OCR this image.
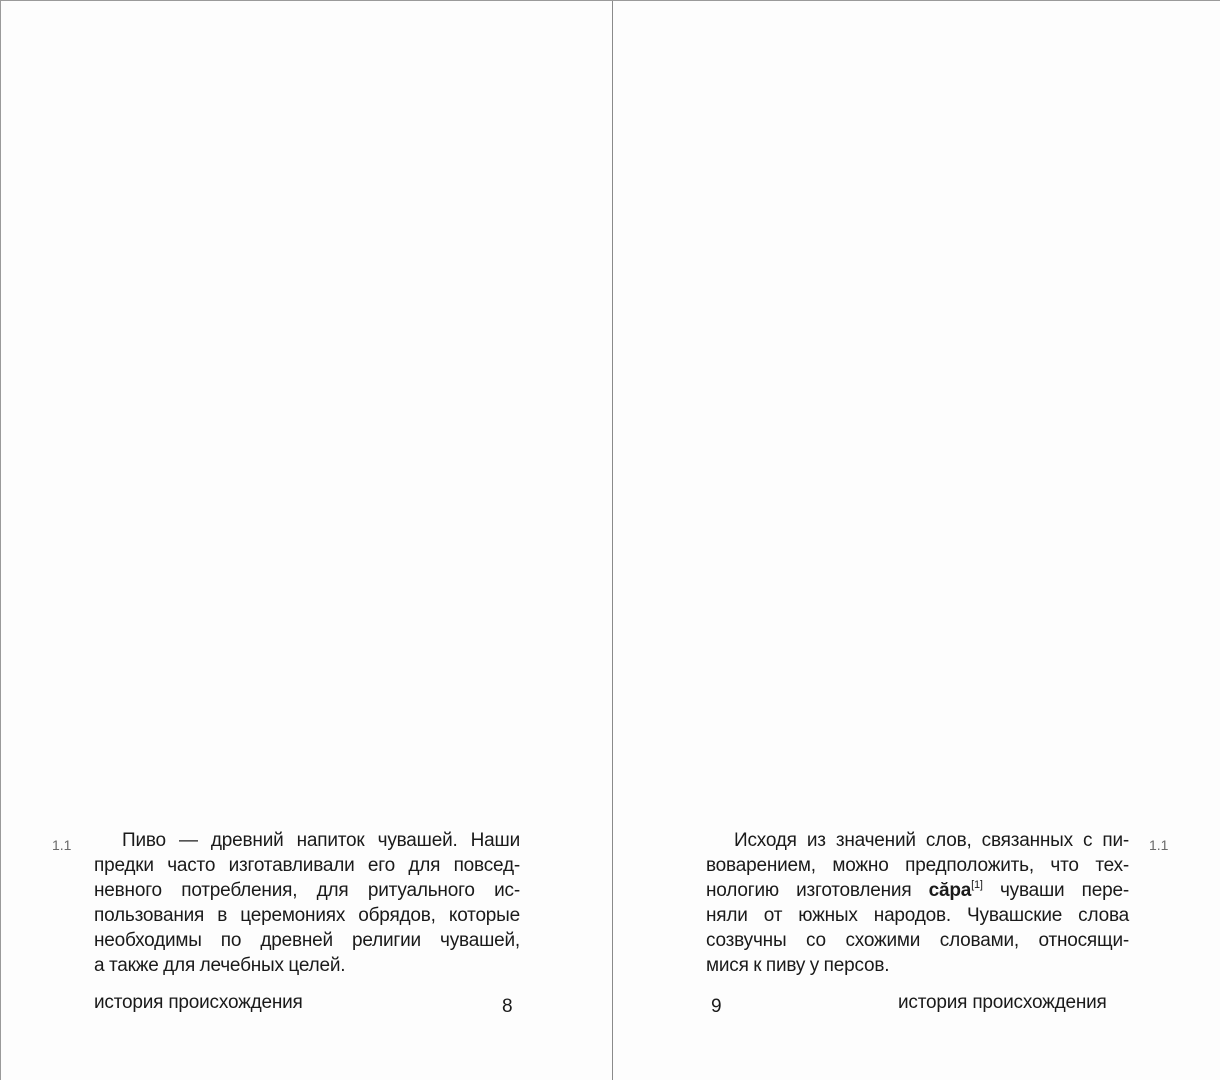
1.1	Пиво — древний напиток чувашей. Наши
предки часто изготавливали его для повсед-
невного потребления, для ритуального ис-
пользования в церемониях обрядов, которые
необходимы по древней религии чувашей,
а также для лечебных целей.
история происхождения	8
Исходя из значений слов, связанных с пи-
воварением, можно предположить, что тех-
нологию изготовления сăра[1] чуваши пере-
няли от южных народов. Чувашские слова
созвучны со схожими словами, относящи-
мися к пиву у персов.
1.1
9	история происхождения
